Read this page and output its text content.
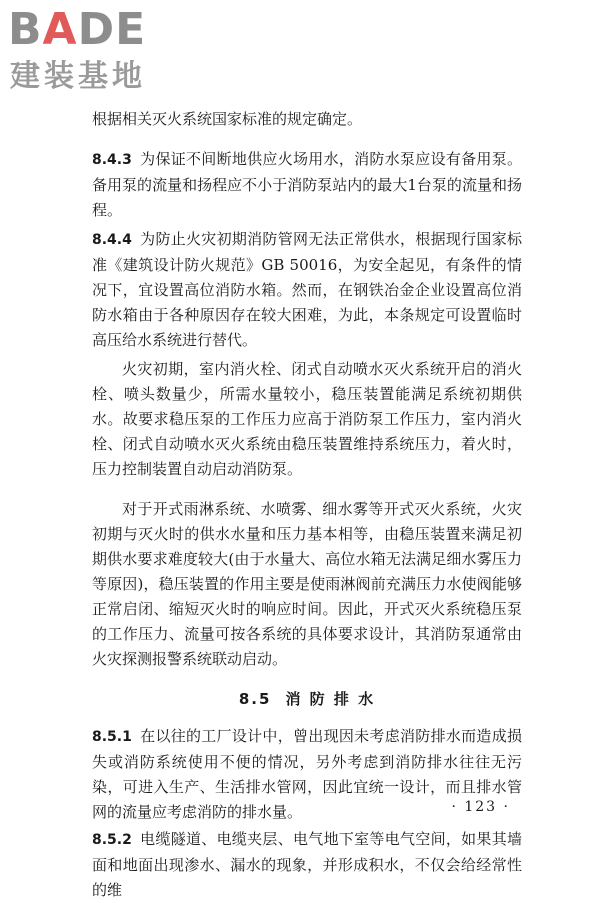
BADE
建装基地

根据相关灭火系统国家标准的规定确定。

8.4.3 为保证不间断地供应火场用水，消防水泵应设有备用泵。备用泵的流量和扬程应不小于消防泵站内的最大1台泵的流量和扬程。

8.4.4 为防止火灾初期消防管网无法正常供水，根据现行国家标准《建筑设计防火规范》GB 50016，为安全起见，有条件的情况下，宜设置高位消防水箱。然而，在钢铁冶金企业设置高位消防水箱由于各种原因存在较大困难，为此，本条规定可设置临时高压给水系统进行替代。

火灾初期，室内消火栓、闭式自动喷水灭火系统开启的消火栓、喷头数量少，所需水量较小，稳压装置能满足系统初期供水。故要求稳压泵的工作压力应高于消防泵工作压力，室内消火栓、闭式自动喷水灭火系统由稳压装置维持系统压力，着火时，压力控制装置自动启动消防泵。

对于开式雨淋系统、水喷雾、细水雾等开式灭火系统，火灾初期与灭火时的供水水量和压力基本相等，由稳压装置来满足初期供水要求难度较大(由于水量大、高位水箱无法满足细水雾压力等原因)，稳压装置的作用主要是使雨淋阀前充满压力水使阀能够正常启闭、缩短灭火时的响应时间。因此，开式灭火系统稳压泵的工作压力、流量可按各系统的具体要求设计，其消防泵通常由火灾探测报警系统联动启动。

8.5 消 防 排 水

8.5.1 在以往的工厂设计中，曾出现因未考虑消防排水而造成损失或消防系统使用不便的情况，另外考虑到消防排水往往无污染，可进入生产、生活排水管网，因此宜统一设计，而且排水管网的流量应考虑消防的排水量。

8.5.2 电缆隧道、电缆夹层、电气地下室等电气空间，如果其墙面和地面出现渗水、漏水的现象，并形成积水，不仅会给经常性的维

· 123 ·
